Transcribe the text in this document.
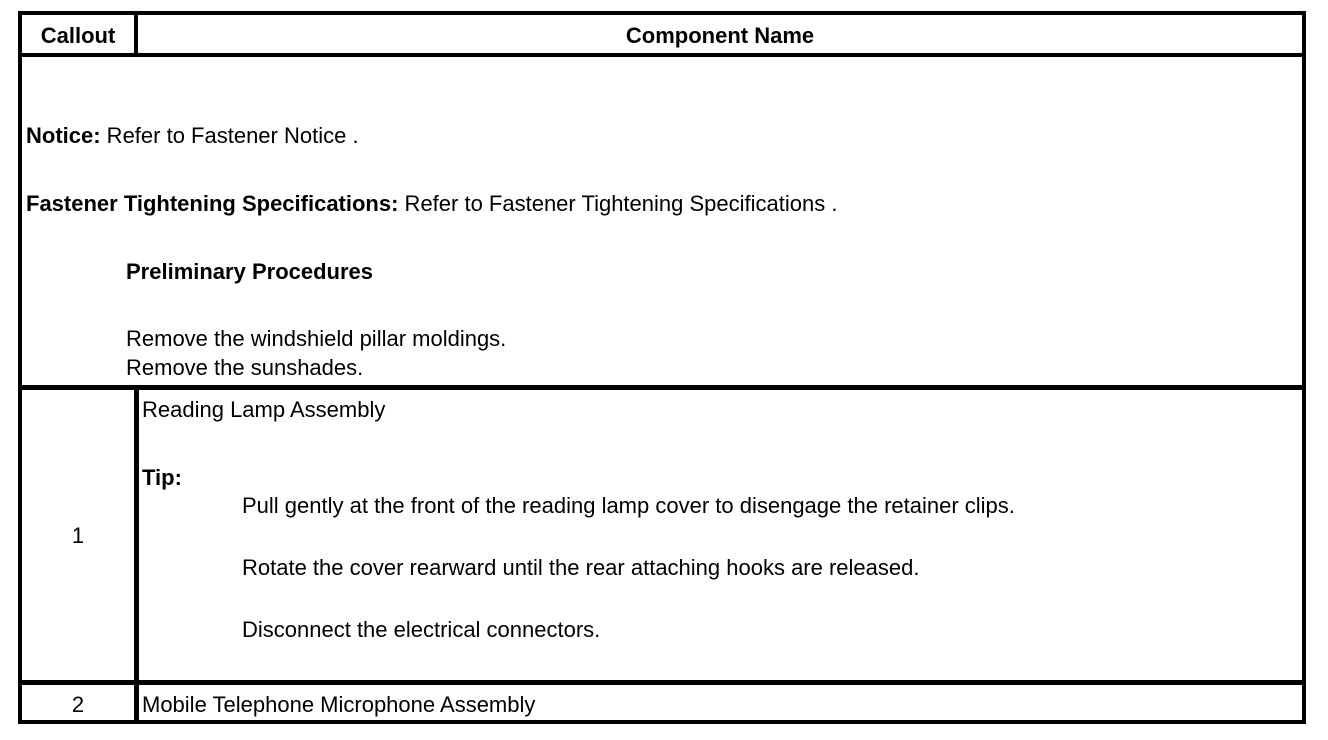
Callout	Component Name
Notice: Refer to Fastener Notice .
Fastener Tightening Specifications: Refer to Fastener Tightening Specifications .
Preliminary Procedures
Remove the windshield pillar moldings.
Remove the sunshades.
1
Reading Lamp Assembly
Tip:
Pull gently at the front of the reading lamp cover to disengage the retainer clips.
Rotate the cover rearward until the rear attaching hooks are released.
Disconnect the electrical connectors.
2	Mobile Telephone Microphone Assembly
